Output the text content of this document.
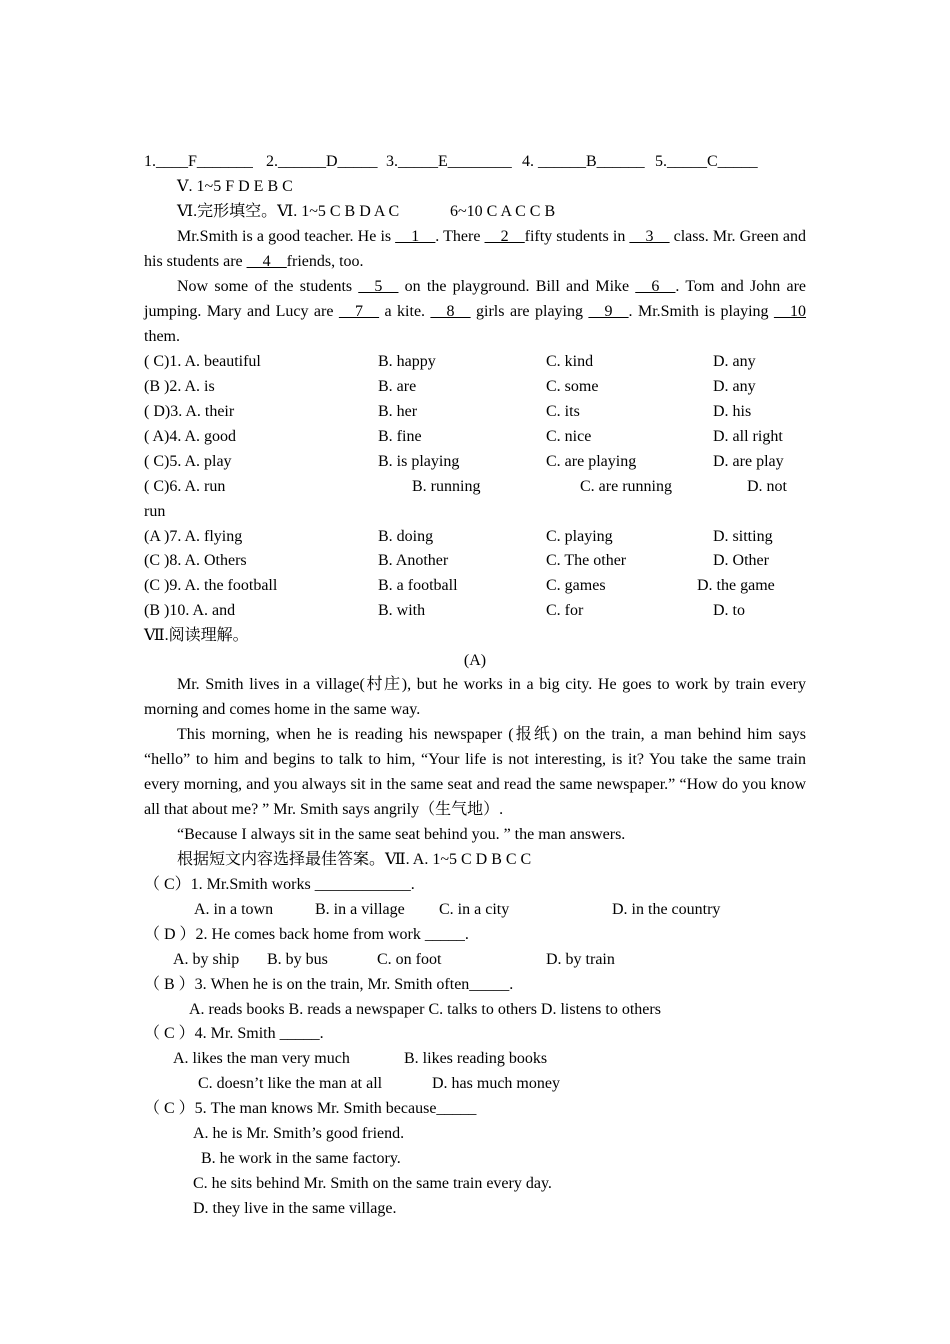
1.____F_______ 2.______D_____ 3._____E________ 4. ______B______ 5._____C_____
Ⅴ. 1~5 F D E B C
Ⅵ.完形填空。Ⅵ. 1~5 C B D A C	6~10 C A C C B
Mr.Smith is a good teacher. He is __1__. There __2__fifty students in __3__ class. Mr. Green and his students are __4__friends, too.
Now some of the students __5__ on the playground. Bill and Mike __6__. Tom and John are jumping. Mary and Lucy are __7__ a kite. __8__ girls are playing __9__. Mr.Smith is playing __10 them.
( C)1. A. beautiful	B. happy	C. kind	D. any
(B )2. A. is	B. are	C. some	D. any
( D)3. A. their	B. her	C. its	D. his
( A)4. A. good	B. fine	C. nice	D. all right
( C)5. A. play	B. is playing	C. are playing	D. are play
( C)6. A. run	B. running	C. are running	D. not
run
(A )7. A. flying	B. doing	C. playing	D. sitting
(C )8. A. Others	B. Another	C. The other	D. Other
(C )9. A. the football	B. a football	C. games	D. the game
(B )10. A. and	B. with	C. for	D. to
Ⅶ.阅读理解。
(A)
Mr. Smith lives in a village(村庄), but he works in a big city. He goes to work by train every morning and comes home in the same way.
This morning, when he is reading his newspaper (报纸) on the train, a man behind him says “hello” to him and begins to talk to him, “Your life is not interesting, is it? You take the same train every morning, and you always sit in the same seat and read the same newspaper.” “How do you know all that about me? ” Mr. Smith says angrily（生气地）.
“Because I always sit in the same seat behind you. ” the man answers.
根据短文内容选择最佳答案。Ⅶ. A. 1~5 C D B C C
（ C）1. Mr.Smith works ____________.
A. in a town	B. in a village C. in a city	D. in the country
（ D ）2. He comes back home from work _____.
A. by ship B. by bus	C. on foot	D. by train
（ B ）3. When he is on the train, Mr. Smith often_____.
A. reads books B. reads a newspaper C. talks to others D. listens to others
（ C ）4. Mr. Smith _____.
A. likes the man very much	B. likes reading books
C. doesn’t like the man at all	D. has much money
（ C ）5. The man knows Mr. Smith because_____
A. he is Mr. Smith’s good friend.
B. he work in the same factory.
C. he sits behind Mr. Smith on the same train every day.
D. they live in the same village.
